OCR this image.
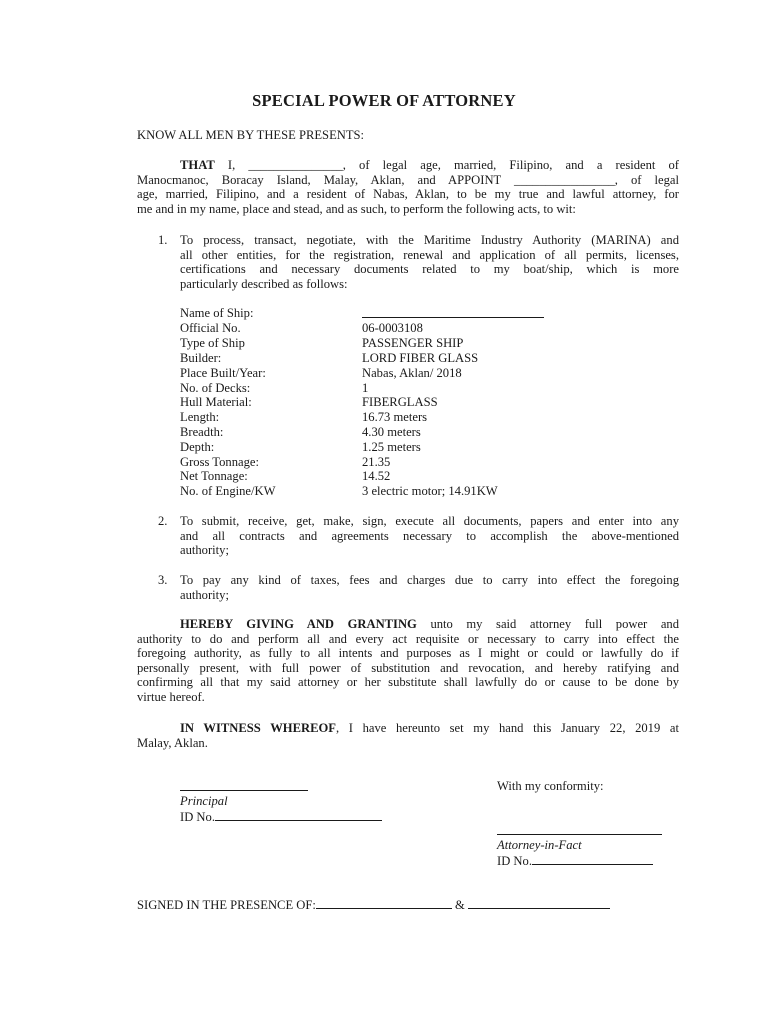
SPECIAL POWER OF ATTORNEY
KNOW ALL MEN BY THESE PRESENTS:
THAT I, _______________, of legal age, married, Filipino, and a resident of
Manocmanoc, Boracay Island, Malay, Aklan, and APPOINT ________________, of legal
age, married, Filipino, and a resident of Nabas, Aklan, to be my true and lawful attorney, for
me and in my name, place and stead, and as such, to perform the following acts, to wit:
1. To process, transact, negotiate, with the Maritime Industry Authority (MARINA) and
all other entities, for the registration, renewal and application of all permits, licenses,
certifications and necessary documents related to my boat/ship, which is more
particularly described as follows:
Name of Ship:
Official No.	06-0003108
Type of Ship	PASSENGER SHIP
Builder:	LORD FIBER GLASS
Place Built/Year:	Nabas, Aklan/ 2018
No. of Decks:	1
Hull Material:	FIBERGLASS
Length:	16.73 meters
Breadth:	4.30 meters
Depth:	1.25 meters
Gross Tonnage:	21.35
Net Tonnage:	14.52
No. of Engine/KW	3 electric motor; 14.91KW
2. To submit, receive, get, make, sign, execute all documents, papers and enter into any
and all contracts and agreements necessary to accomplish the above-mentioned
authority;
3. To pay any kind of taxes, fees and charges due to carry into effect the foregoing
authority;
HEREBY GIVING AND GRANTING unto my said attorney full power and
authority to do and perform all and every act requisite or necessary to carry into effect the
foregoing authority, as fully to all intents and purposes as I might or could or lawfully do if
personally present, with full power of substitution and revocation, and hereby ratifying and
confirming all that my said attorney or her substitute shall lawfully do or cause to be done by
virtue hereof.
IN WITNESS WHEREOF, I have hereunto set my hand this January 22, 2019 at
Malay, Aklan.
Principal
ID No.
With my conformity:
Attorney-in-Fact
ID No.
SIGNED IN THE PRESENCE OF:	&
